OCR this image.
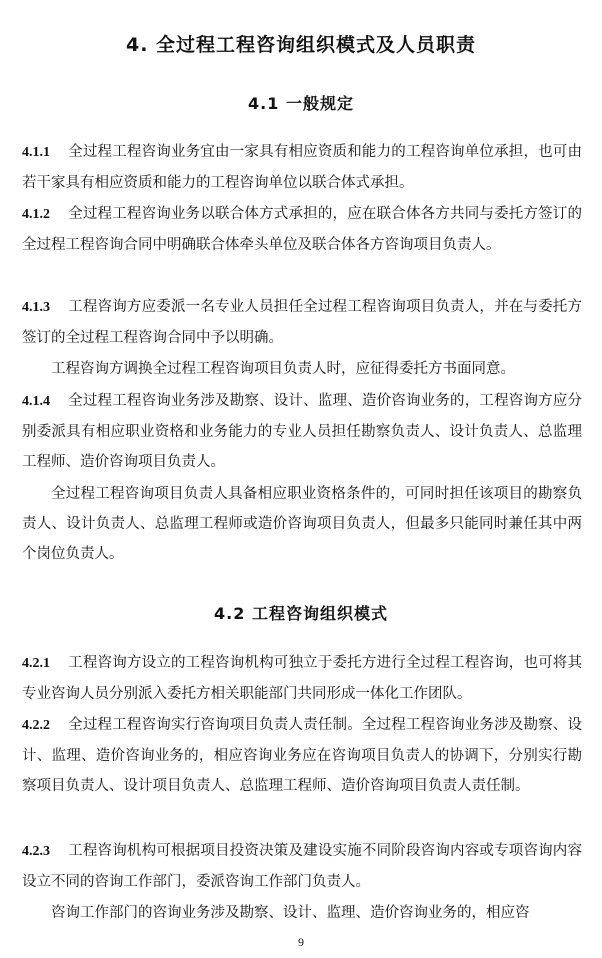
4. 全过程工程咨询组织模式及人员职责
4.1 一般规定
4.1.1 全过程工程咨询业务宜由一家具有相应资质和能力的工程咨询单位承担，也可由若干家具有相应资质和能力的工程咨询单位以联合体式承担。
4.1.2 全过程工程咨询业务以联合体方式承担的，应在联合体各方共同与委托方签订的全过程工程咨询合同中明确联合体牵头单位及联合体各方咨询项目负责人。
4.1.3 工程咨询方应委派一名专业人员担任全过程工程咨询项目负责人，并在与委托方签订的全过程工程咨询合同中予以明确。
工程咨询方调换全过程工程咨询项目负责人时，应征得委托方书面同意。
4.1.4 全过程工程咨询业务涉及勘察、设计、监理、造价咨询业务的，工程咨询方应分别委派具有相应职业资格和业务能力的专业人员担任勘察负责人、设计负责人、总监理工程师、造价咨询项目负责人。
全过程工程咨询项目负责人具备相应职业资格条件的，可同时担任该项目的勘察负责人、设计负责人、总监理工程师或造价咨询项目负责人，但最多只能同时兼任其中两个岗位负责人。
4.2 工程咨询组织模式
4.2.1 工程咨询方设立的工程咨询机构可独立于委托方进行全过程工程咨询，也可将其专业咨询人员分别派入委托方相关职能部门共同形成一体化工作团队。
4.2.2 全过程工程咨询实行咨询项目负责人责任制。全过程工程咨询业务涉及勘察、设计、监理、造价咨询业务的，相应咨询业务应在咨询项目负责人的协调下，分别实行勘察项目负责人、设计项目负责人、总监理工程师、造价咨询项目负责人责任制。
4.2.3 工程咨询机构可根据项目投资决策及建设实施不同阶段咨询内容或专项咨询内容设立不同的咨询工作部门，委派咨询工作部门负责人。
咨询工作部门的咨询业务涉及勘察、设计、监理、造价咨询业务的，相应咨
9
